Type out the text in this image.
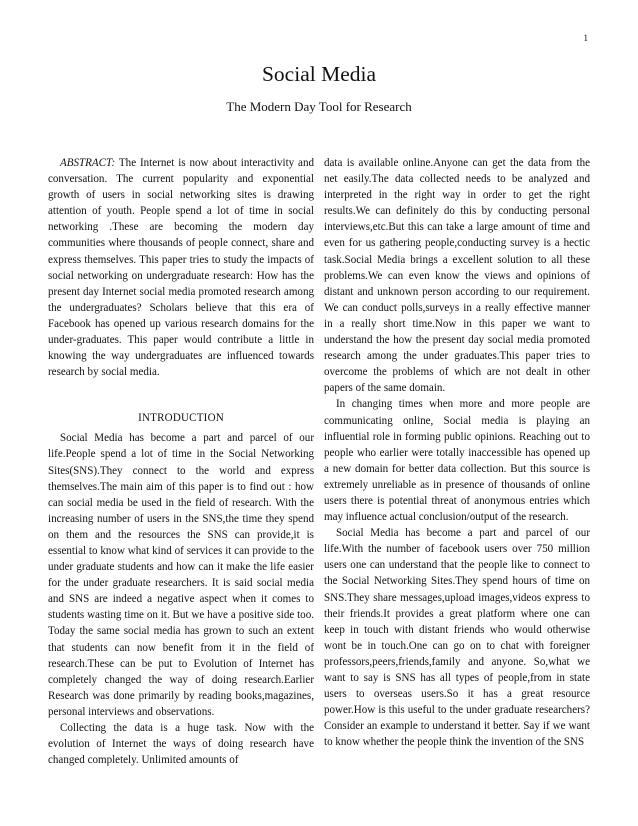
1
Social Media
The Modern Day Tool for Research

ABSTRACT: The Internet is now about interactivity and conversation. The current popularity and exponential growth of users in social networking sites is drawing attention of youth. People spend a lot of time in social networking .These are becoming the modern day communities where thousands of people connect, share and express themselves. This paper tries to study the impacts of social networking on undergraduate research: How has the present day Internet social media promoted research among the undergraduates? Scholars believe that this era of Facebook has opened up various research domains for the under-graduates. This paper would contribute a little in knowing the way undergraduates are influenced towards research by social media.

INTRODUCTION

Social Media has become a part and parcel of our life.People spend a lot of time in the Social Networking Sites(SNS).They connect to the world and express themselves.The main aim of this paper is to find out : how can social media be used in the field of research. With the increasing number of users in the SNS,the time they spend on them and the resources the SNS can provide,it is essential to know what kind of services it can provide to the under graduate students and how can it make the life easier for the under graduate researchers. It is said social media and SNS are indeed a negative aspect when it comes to students wasting time on it. But we have a positive side too. Today the same social media has grown to such an extent that students can now benefit from it in the field of research.These can be put to Evolution of Internet has completely changed the way of doing research.Earlier Research was done primarily by reading books,magazines, personal interviews and observations.

Collecting the data is a huge task. Now with the evolution of Internet the ways of doing research have changed completely. Unlimited amounts of

data is available online.Anyone can get the data from the net easily.The data collected needs to be analyzed and interpreted in the right way in order to get the right results.We can definitely do this by conducting personal interviews,etc.But this can take a large amount of time and even for us gathering people,conducting survey is a hectic task.Social Media brings a excellent solution to all these problems.We can even know the views and opinions of distant and unknown person according to our requirement. We can conduct polls,surveys in a really effective manner in a really short time.Now in this paper we want to understand the how the present day social media promoted research among the under graduates.This paper tries to overcome the problems of which are not dealt in other papers of the same domain.

In changing times when more and more people are communicating online, Social media is playing an influential role in forming public opinions. Reaching out to people who earlier were totally inaccessible has opened up a new domain for better data collection. But this source is extremely unreliable as in presence of thousands of online users there is potential threat of anonymous entries which may influence actual conclusion/output of the research.

Social Media has become a part and parcel of our life.With the number of facebook users over 750 million users one can understand that the people like to connect to the Social Networking Sites.They spend hours of time on SNS.They share messages,upload images,videos express to their friends.It provides a great platform where one can keep in touch with distant friends who would otherwise wont be in touch.One can go on to chat with foreigner professors,peers,friends,family and anyone. So,what we want to say is SNS has all types of people,from in state users to overseas users.So it has a great resource power.How is this useful to the under graduate researchers? Consider an example to understand it better. Say if we want to know whether the people think the invention of the SNS
